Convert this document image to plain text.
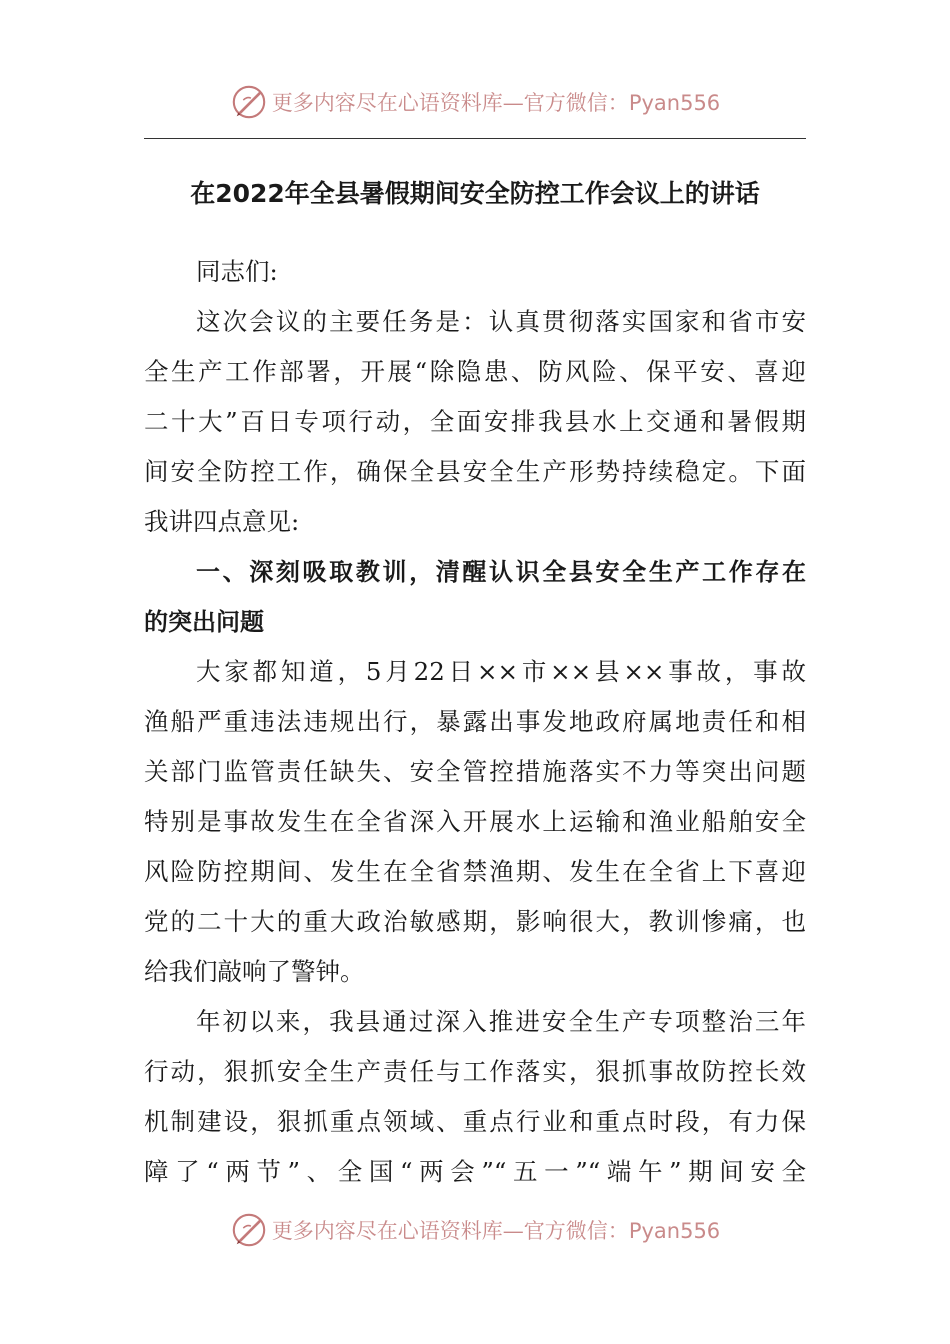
更多内容尽在心语资料库—官方微信：Pyan556
在2022年全县暑假期间安全防控工作会议上的讲话
同志们:
这次会议的主要任务是：认真贯彻落实国家和省市安
全生产工作部署，开展“除隐患、防风险、保平安、喜迎
二十大”百日专项行动，全面安排我县水上交通和暑假期
间安全防控工作，确保全县安全生产形势持续稳定。下面
我讲四点意见:
一、深刻吸取教训，清醒认识全县安全生产工作存在
的突出问题
大家都知道，5月22日××市××县××事故，事故
渔船严重违法违规出行，暴露出事发地政府属地责任和相
关部门监管责任缺失、安全管控措施落实不力等突出问题
特别是事故发生在全省深入开展水上运输和渔业船舶安全
风险防控期间、发生在全省禁渔期、发生在全省上下喜迎
党的二十大的重大政治敏感期，影响很大，教训惨痛，也
给我们敲响了警钟。
年初以来，我县通过深入推进安全生产专项整治三年
行动，狠抓安全生产责任与工作落实，狠抓事故防控长效
机制建设，狠抓重点领域、重点行业和重点时段，有力保
障了“两节”、全国“两会”“五一”“端午”期间安全
更多内容尽在心语资料库—官方微信：Pyan556
